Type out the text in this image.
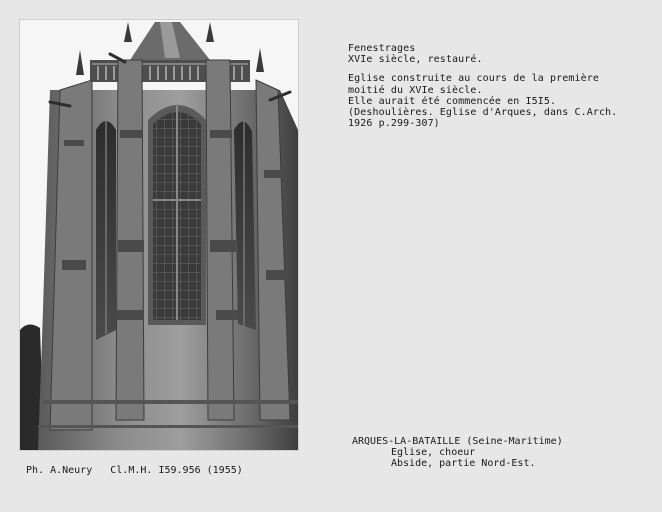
Fenestrages
XVIe siècle, restauré.
Eglise construite au cours de la première
moitié du XVIe siècle.
Elle aurait été commencée en I5I5.
(Deshoulières. Eglise d'Arques, dans C.Arch.
1926 p.299-307)
ARQUES-LA-BATAILLE (Seine-Maritime)
Eglise, choeur
Abside, partie Nord-Est.
Ph. A.Neury Cl.M.H. I59.956 (1955)
